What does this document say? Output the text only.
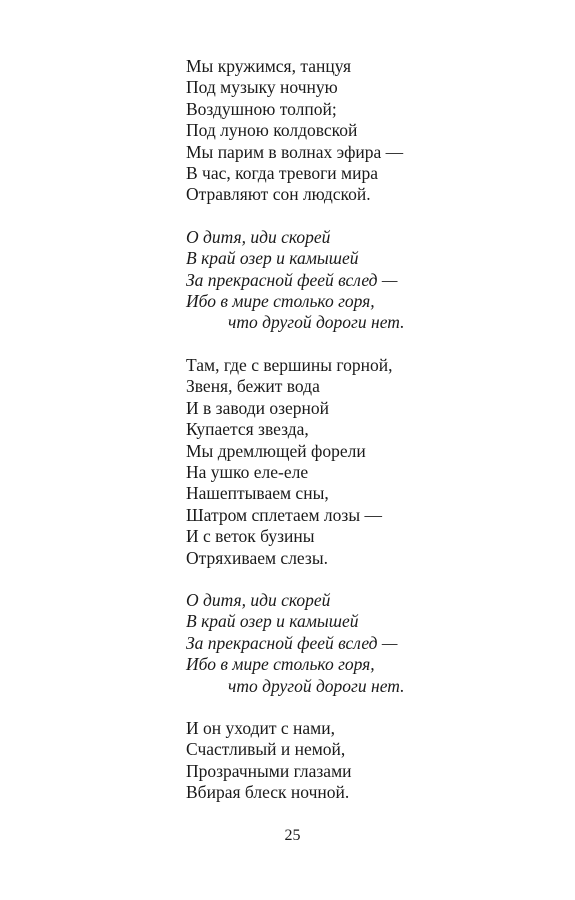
Мы кружимся, танцуя
Под музыку ночную
Воздушною толпой;
Под луною колдовской
Мы парим в волнах эфира —
В час, когда тревоги мира
Отравляют сон людской.
О дитя, иди скорей
В край озер и камышей
За прекрасной феей вслед —
Ибо в мире столько горя,
что другой дороги нет.
Там, где с вершины горной,
Звеня, бежит вода
И в заводи озерной
Купается звезда,
Мы дремлющей форели
На ушко еле-еле
Нашептываем сны,
Шатром сплетаем лозы —
И с веток бузины
Отряхиваем слезы.
О дитя, иди скорей
В край озер и камышей
За прекрасной феей вслед —
Ибо в мире столько горя,
что другой дороги нет.
И он уходит с нами,
Счастливый и немой,
Прозрачными глазами
Вбирая блеск ночной.
25
